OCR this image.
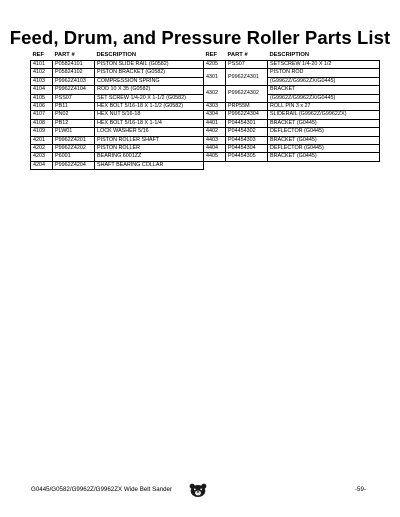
Feed, Drum, and Pressure Roller Parts List
REF	PART #	DESCRIPTION
4101	P05824101	PISTON SLIDE RAIL (G0582)
4102	P05824102	PISTON BRACKET (G0582)
4103	P9962Z4103	COMPRESSION SPRING
4104	P9962Z4104	ROD 10 X 35 (G0582)
4105	PSS07	SET SCREW 1/4-20 X 1-1/2 (G0582)
4106	PB11	HEX BOLT 5/16-18 X 1-1/2 (G0582)
4107	PN02	HEX NUT 5/16-18
4108	PB12	HEX BOLT 5/16-18 X 1-1/4
4109	PLW01	LOCK WASHER 5/16
4201	P9962Z4201	PISTON ROLLER SHAFT
4202	P9962Z4202	PISTON ROLLER
4203	P6001	BEARING 6001ZZ
4204	P9962Z4204	SHAFT BEARING COLLAR
REF	PART #	DESCRIPTION
4205	PSS07	SETSCREW 1/4-20 X 1/2
4301	P9962Z4301	PISTON ROD
		(G9962Z/G9962ZX/G0445)
4302	P9962Z4302	BRACKET
		(G9962Z/G9962ZX/G0445)
4303	PRP55M	ROLL PIN 3 x 27
4304	P9962Z4304	SLIDERAIL (G9962Z/G9962ZX)
4401	P04454301	BRACKET (G0445)
4402	P04454302	DEFLECTOR (G0445)
4403	P04454303	BRACKET (G0445)
4404	P04454304	DEFLECTOR (G0445)
4405	P04454305	BRACKET (G0445)
G0445/G0582/G9962Z/G9962ZX Wide Belt Sander	-59-
